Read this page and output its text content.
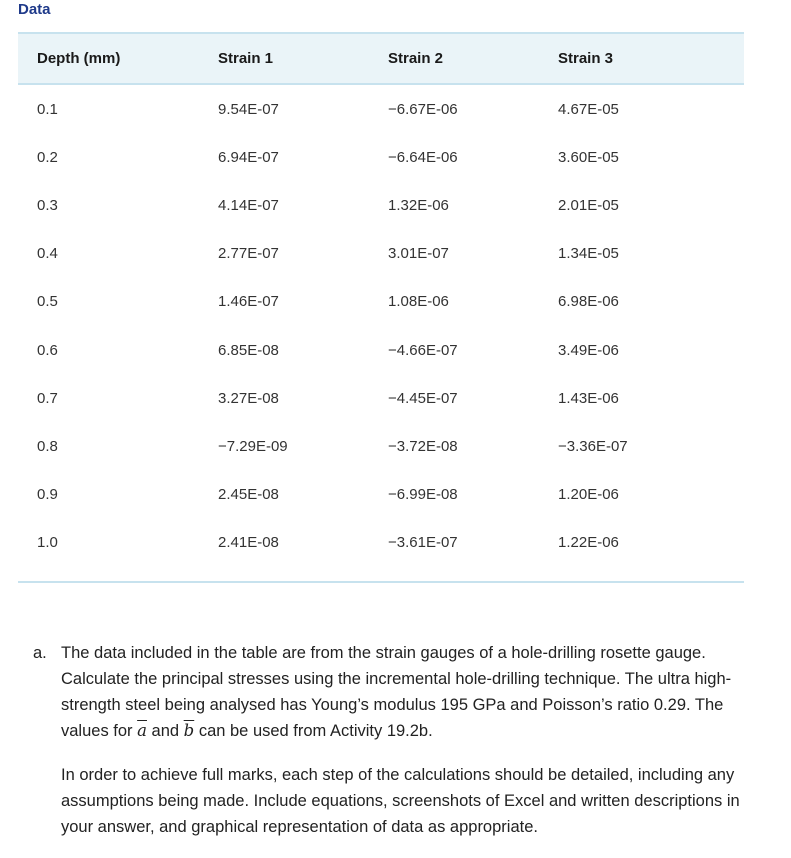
Data
Depth (mm)	Strain 1	Strain 2	Strain 3
0.1	9.54E-07	−6.67E-06	4.67E-05
0.2	6.94E-07	−6.64E-06	3.60E-05
0.3	4.14E-07	1.32E-06	2.01E-05
0.4	2.77E-07	3.01E-07	1.34E-05
0.5	1.46E-07	1.08E-06	6.98E-06
0.6	6.85E-08	−4.66E-07	3.49E-06
0.7	3.27E-08	−4.45E-07	1.43E-06
0.8	−7.29E-09	−3.72E-08	−3.36E-07
0.9	2.45E-08	−6.99E-08	1.20E-06
1.0	2.41E-08	−3.61E-07	1.22E-06
a. The data included in the table are from the strain gauges of a hole-drilling rosette gauge. Calculate the principal stresses using the incremental hole-drilling technique. The ultra high-strength steel being analysed has Young’s modulus 195 GPa and Poisson’s ratio 0.29. The values for $\overline{a}$ and $\overline{b}$ can be used from Activity 19.2b.

In order to achieve full marks, each step of the calculations should be detailed, including any assumptions being made. Include equations, screenshots of Excel and written descriptions in your answer, and graphical representation of data as appropriate.
